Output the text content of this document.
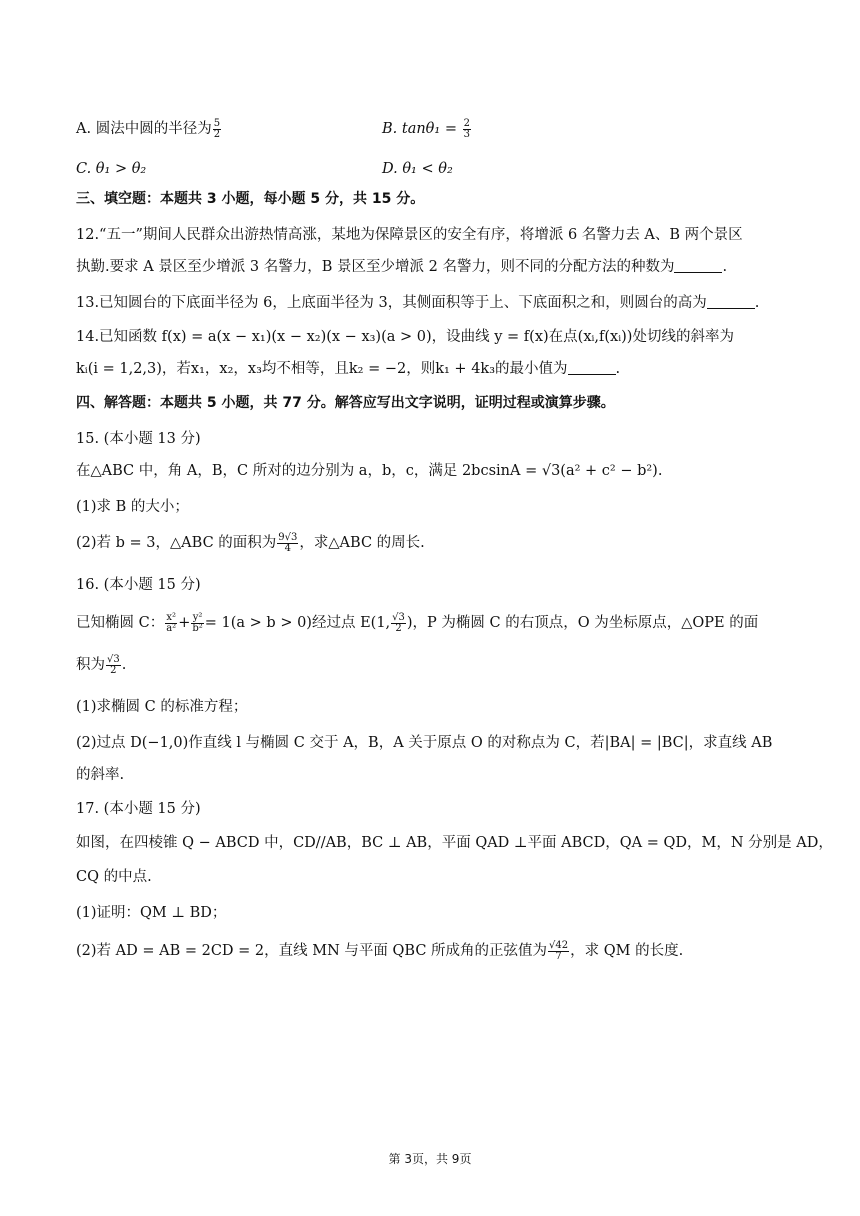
A. 圆法中圆的半径为 $\frac{5}{2}$	B. $\tan\theta_1 = \frac{2}{3}$
C. θ₁ > θ₂	D. θ₁ < θ₂
三、填空题：本题共 3 小题，每小题 5 分，共 15 分。
12.“五一”期间人民群众出游热情高涨，某地为保障景区的安全有序，将增派 6 名警力去 A、B 两个景区
执勤.要求 A 景区至少增派 3 名警力，B 景区至少增派 2 名警力，则不同的分配方法的种数为	.
13.已知圆台的下底面半径为 6，上底面半径为 3，其侧面积等于上、下底面积之和，则圆台的高为	.
14.已知函数 f(x) = a(x − x₁)(x − x₂)(x − x₃)(a > 0)，设曲线 y = f(x)在点(xᵢ,f(xᵢ))处切线的斜率为
kᵢ(i = 1,2,3)，若x₁，x₂，x₃均不相等，且k₂ = −2，则k₁ + 4k₃的最小值为	.
四、解答题：本题共 5 小题，共 77 分。解答应写出文字说明，证明过程或演算步骤。
15. (本小题 13 分)
在△ABC 中，角 A，B，C 所对的边分别为 a，b，c，满足 2bcsinA = √3(a² + c² − b²).
(1)求 B 的大小；
(2)若 b = 3，△ABC 的面积为 $\frac{9√3}{4}$ ，求△ABC 的周长.
16. (本小题 15 分)
已知椭圆 C： $\frac{\text{x²}}{\text{a²}} + \frac{\text{y²}}{\text{b²}} = 1(a > b > 0)$经过点 E(1, $\frac{√3}{2}$ )，P 为椭圆 C 的右顶点，O 为坐标原点，△OPE 的面
积为 $\frac{√3}{2}$ .
(1)求椭圆 C 的标准方程；
(2)过点 D(−1,0)作直线 l 与椭圆 C 交于 A，B，A 关于原点 O 的对称点为 C，若|BA| = |BC|，求直线 AB
的斜率.
17. (本小题 15 分)
如图，在四棱锥 Q − ABCD 中，CD//AB，BC ⊥ AB，平面 QAD ⊥平面 ABCD，QA = QD，M，N 分别是 AD，
CQ 的中点.
(1)证明：QM ⊥ BD；
(2)若 AD = AB = 2CD = 2，直线 MN 与平面 QBC 所成角的正弦值为 $\frac{√42}{7}$ ，求 QM 的长度.
第 3页，共 9页
